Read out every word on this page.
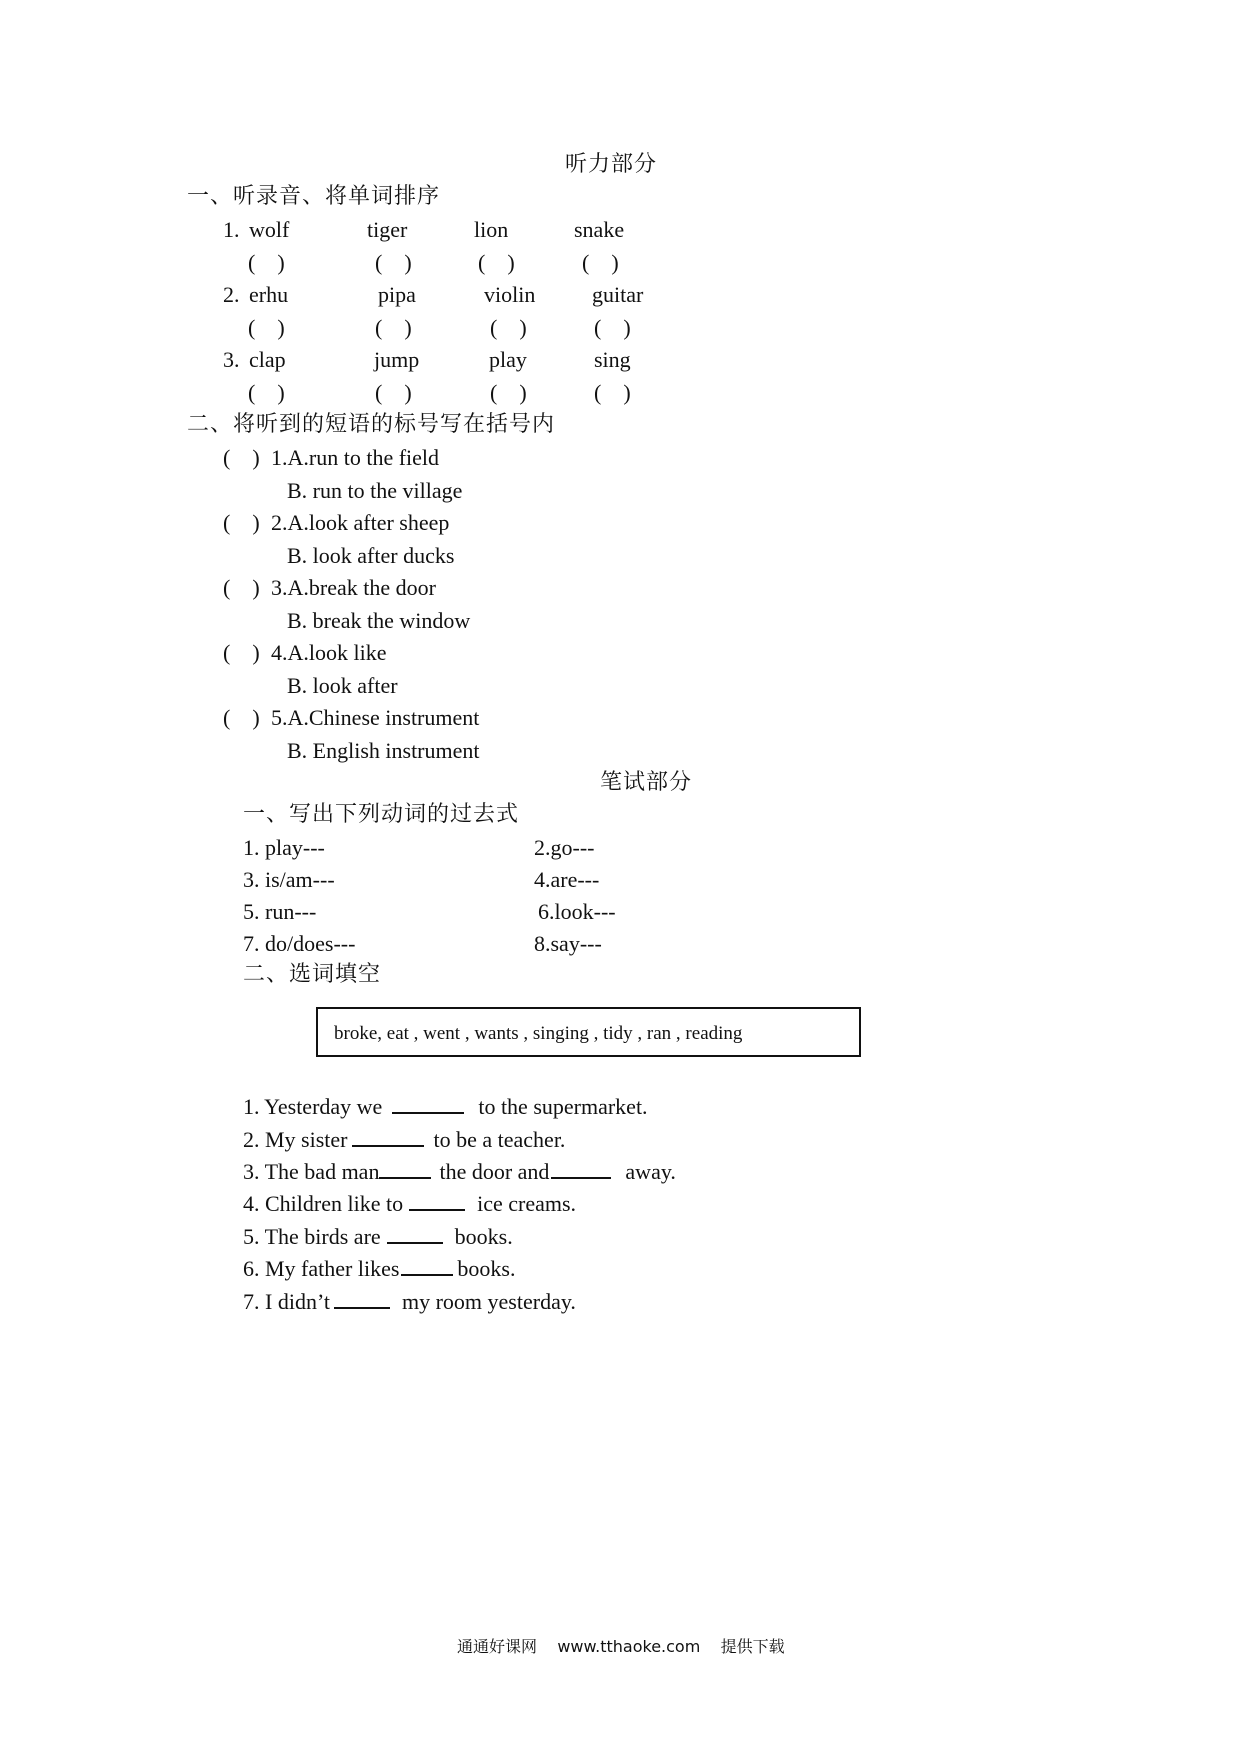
听力部分
一、听录音、将单词排序
1. wolf	tiger	lion	snake
(    )	(    )	(    )	(    )
2. erhu	pipa	violin	guitar
(    )	(    )	(    )	(    )
3. clap	jump	play	sing
(    )	(    )	(    )	(    )
二、将听到的短语的标号写在括号内
(    ) 1.A.run to the field
B. run to the village
(    ) 2.A.look after sheep
B. look after ducks
(    ) 3.A.break the door
B. break the window
(    ) 4.A.look like
B. look after
(    ) 5.A.Chinese instrument
B. English instrument
笔试部分
一、写出下列动词的过去式
1. play---	2.go---
3. is/am---	4.are---
5. run---	6.look---
7. do/does---	8.say---
二、选词填空
broke, eat , went , wants , singing , tidy , ran , reading
1. Yesterday we	to the supermarket.
2. My sister	to be a teacher.
3. The bad man	the door and	away.
4. Children like to	ice creams.
5. The birds are	books.
6. My father likes	books.
7. I didn’t	my room yesterday.
通通好课网    www.tthaoke.com    提供下载
